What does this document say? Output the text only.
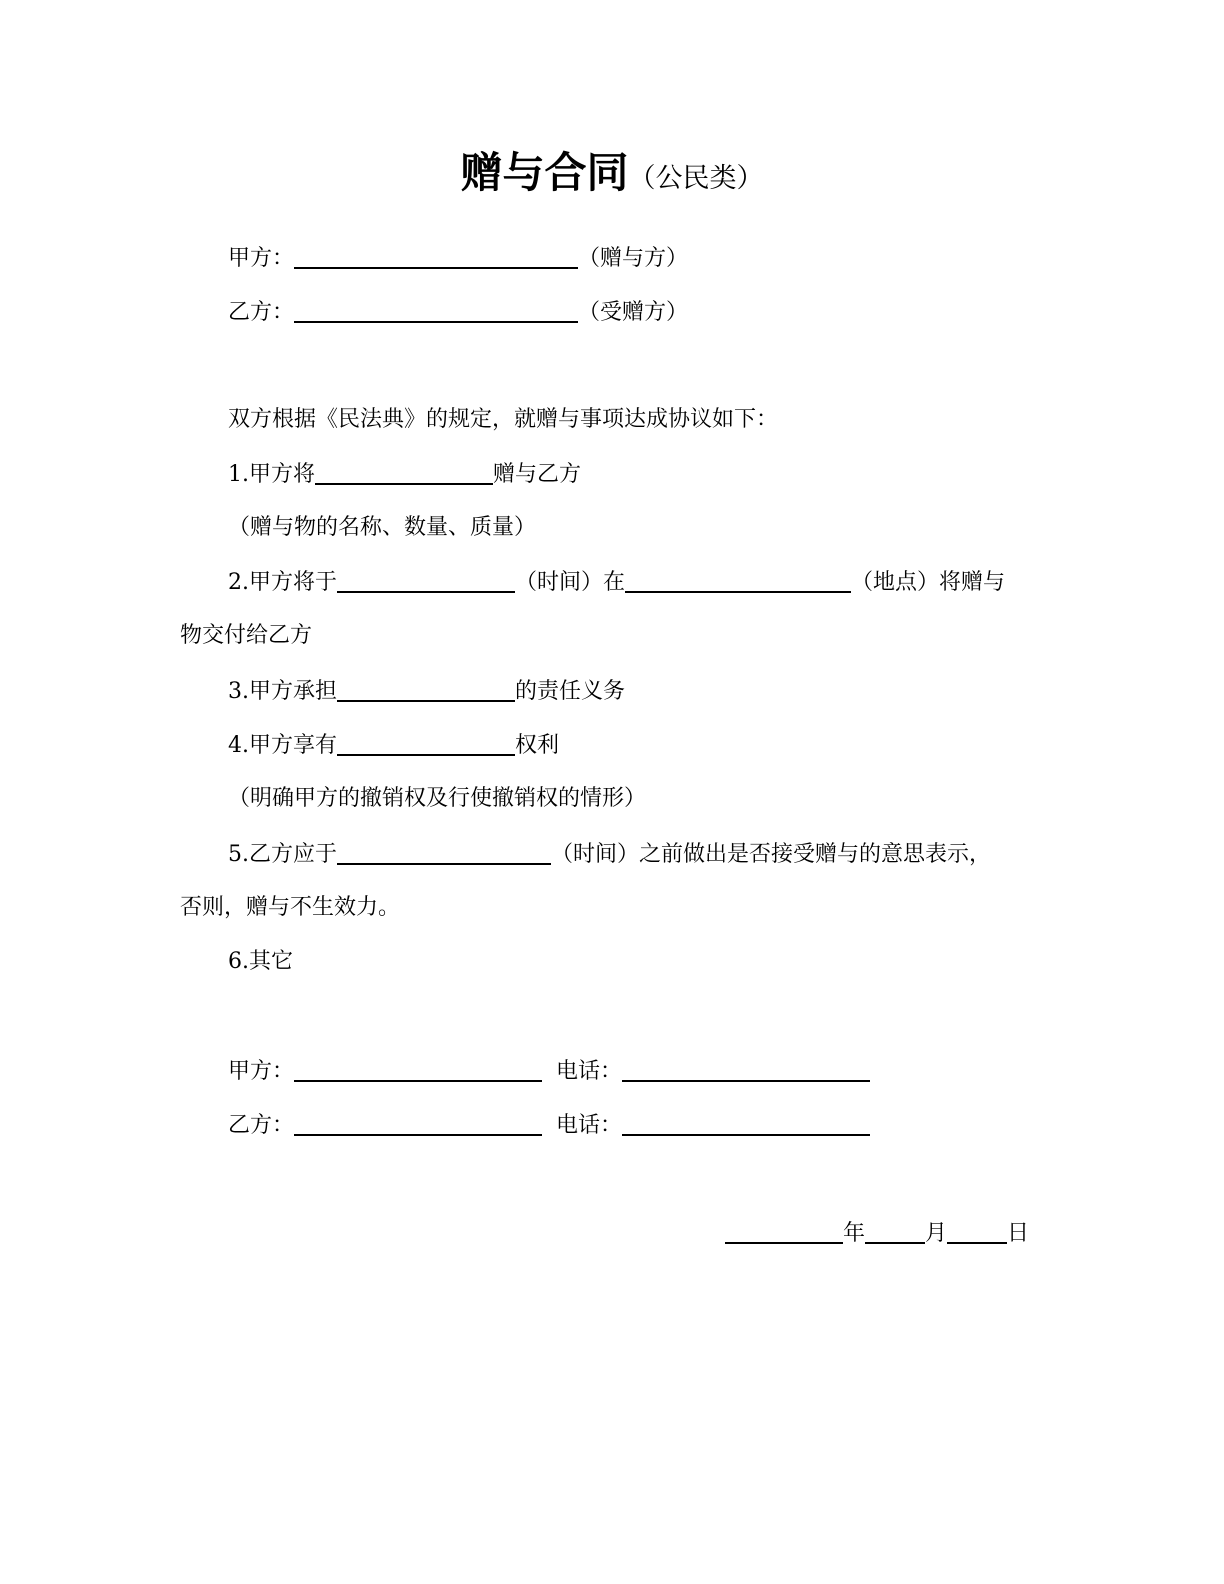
赠与合同（公民类）
甲方：	（赠与方）
乙方：	（受赠方）
双方根据《民法典》的规定，就赠与事项达成协议如下：
1.甲方将	赠与乙方
（赠与物的名称、数量、质量）
2.甲方将于	（时间）在	（地点）将赠与
物交付给乙方
3.甲方承担	的责任义务
4.甲方享有	权利
（明确甲方的撤销权及行使撤销权的情形）
5.乙方应于	（时间）之前做出是否接受赠与的意思表示，
否则，赠与不生效力。
6.其它
甲方：	电话：
乙方：	电话：
年	月	日
